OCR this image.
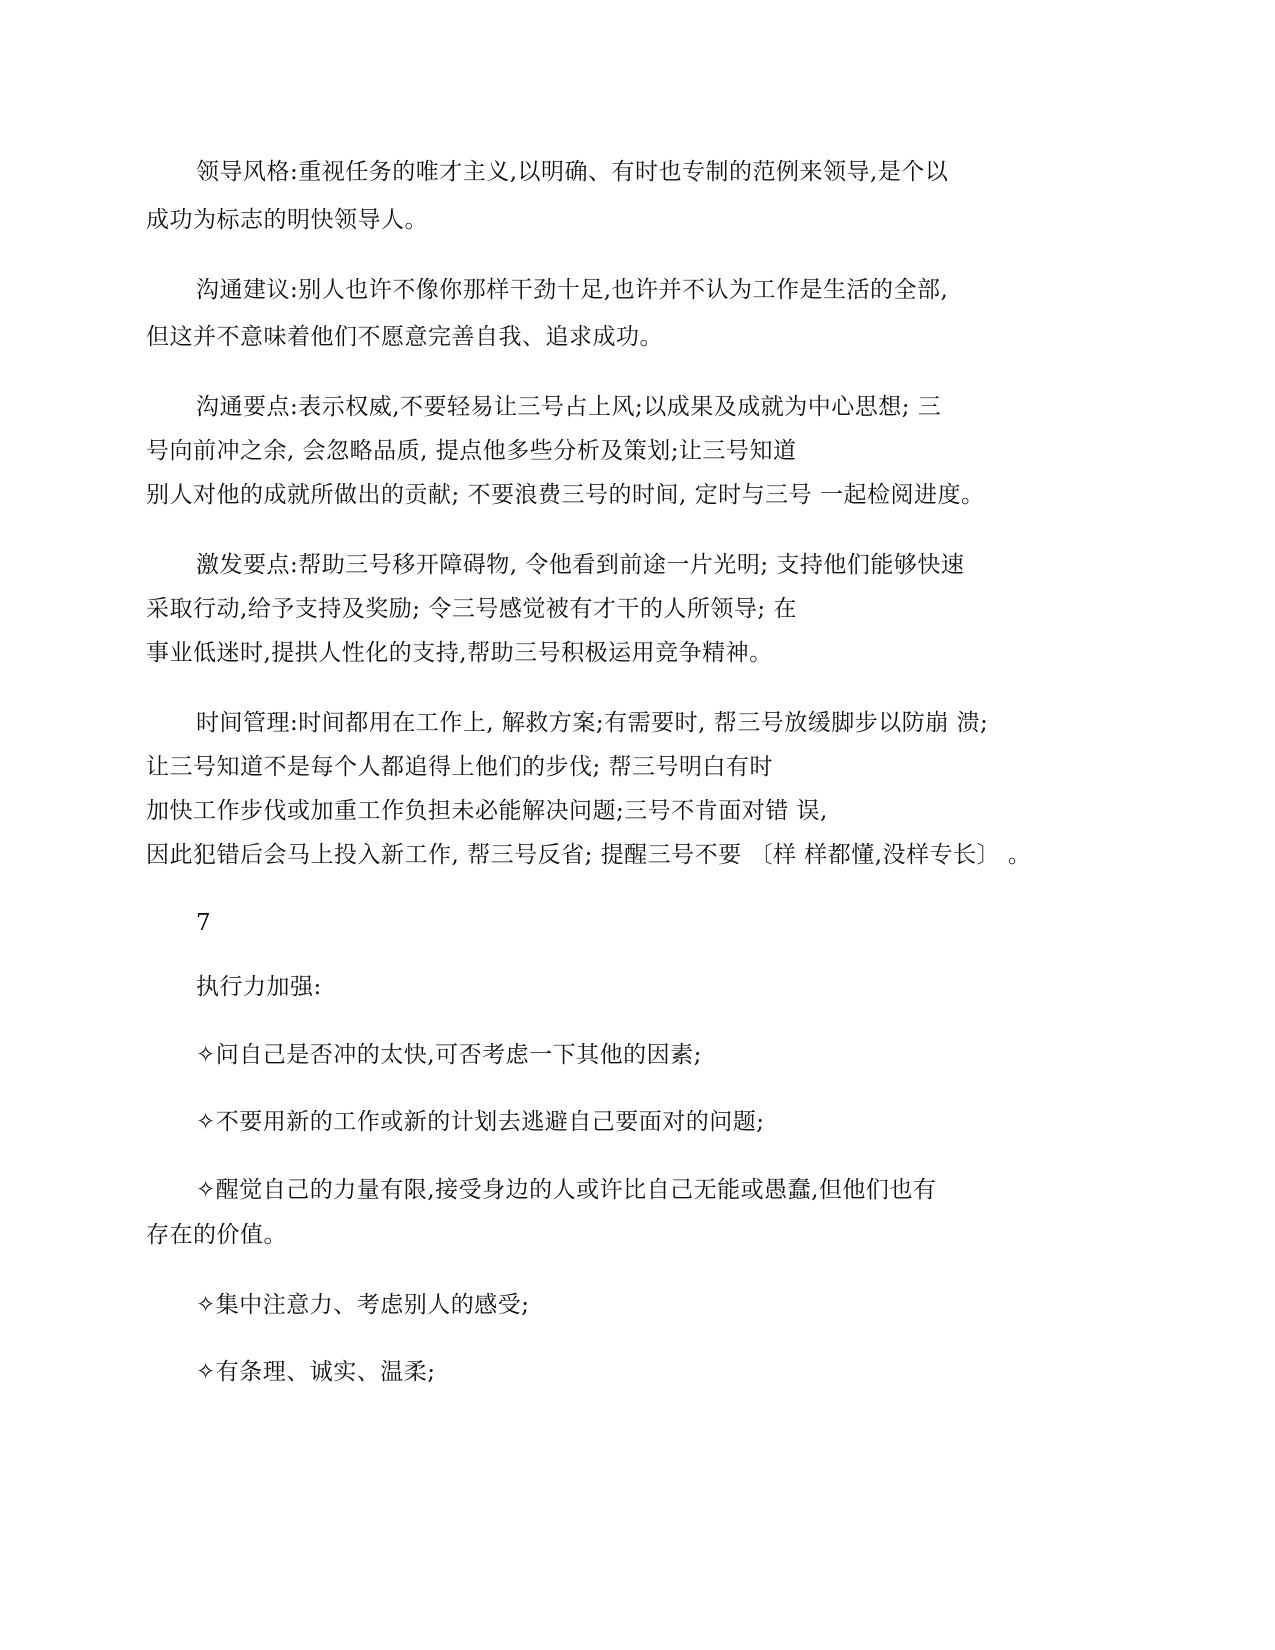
领导风格:重视任务的唯才主义,以明确、有时也专制的范例来领导,是个以
成功为标志的明快领导人。
沟通建议:别人也许不像你那样干劲十足,也许并不认为工作是生活的全部,
但这并不意味着他们不愿意完善自我、追求成功。
沟通要点:表示权威,不要轻易让三号占上风;以成果及成就为中心思想; 三
号向前冲之余, 会忽略品质, 提点他多些分析及策划;让三号知道
别人对他的成就所做出的贡献; 不要浪费三号的时间, 定时与三号 一起检阅进度。
激发要点:帮助三号移开障碍物, 令他看到前途一片光明; 支持他们能够快速
采取行动,给予支持及奖励; 令三号感觉被有才干的人所领导; 在
事业低迷时,提拱人性化的支持,帮助三号积极运用竞争精神。
时间管理:时间都用在工作上, 解救方案;有需要时, 帮三号放缓脚步以防崩 溃;
让三号知道不是每个人都追得上他们的步伐; 帮三号明白有时
加快工作步伐或加重工作负担未必能解决问题;三号不肯面对错 误,
因此犯错后会马上投入新工作, 帮三号反省; 提醒三号不要 〔样 样都懂,没样专长〕 。
7
执行力加强:
✧问自己是否冲的太快,可否考虑一下其他的因素;
✧不要用新的工作或新的计划去逃避自己要面对的问题;
✧醒觉自己的力量有限,接受身边的人或许比自己无能或愚蠢,但他们也有
存在的价值。
✧集中注意力、考虑别人的感受;
✧有条理、诚实、温柔;
